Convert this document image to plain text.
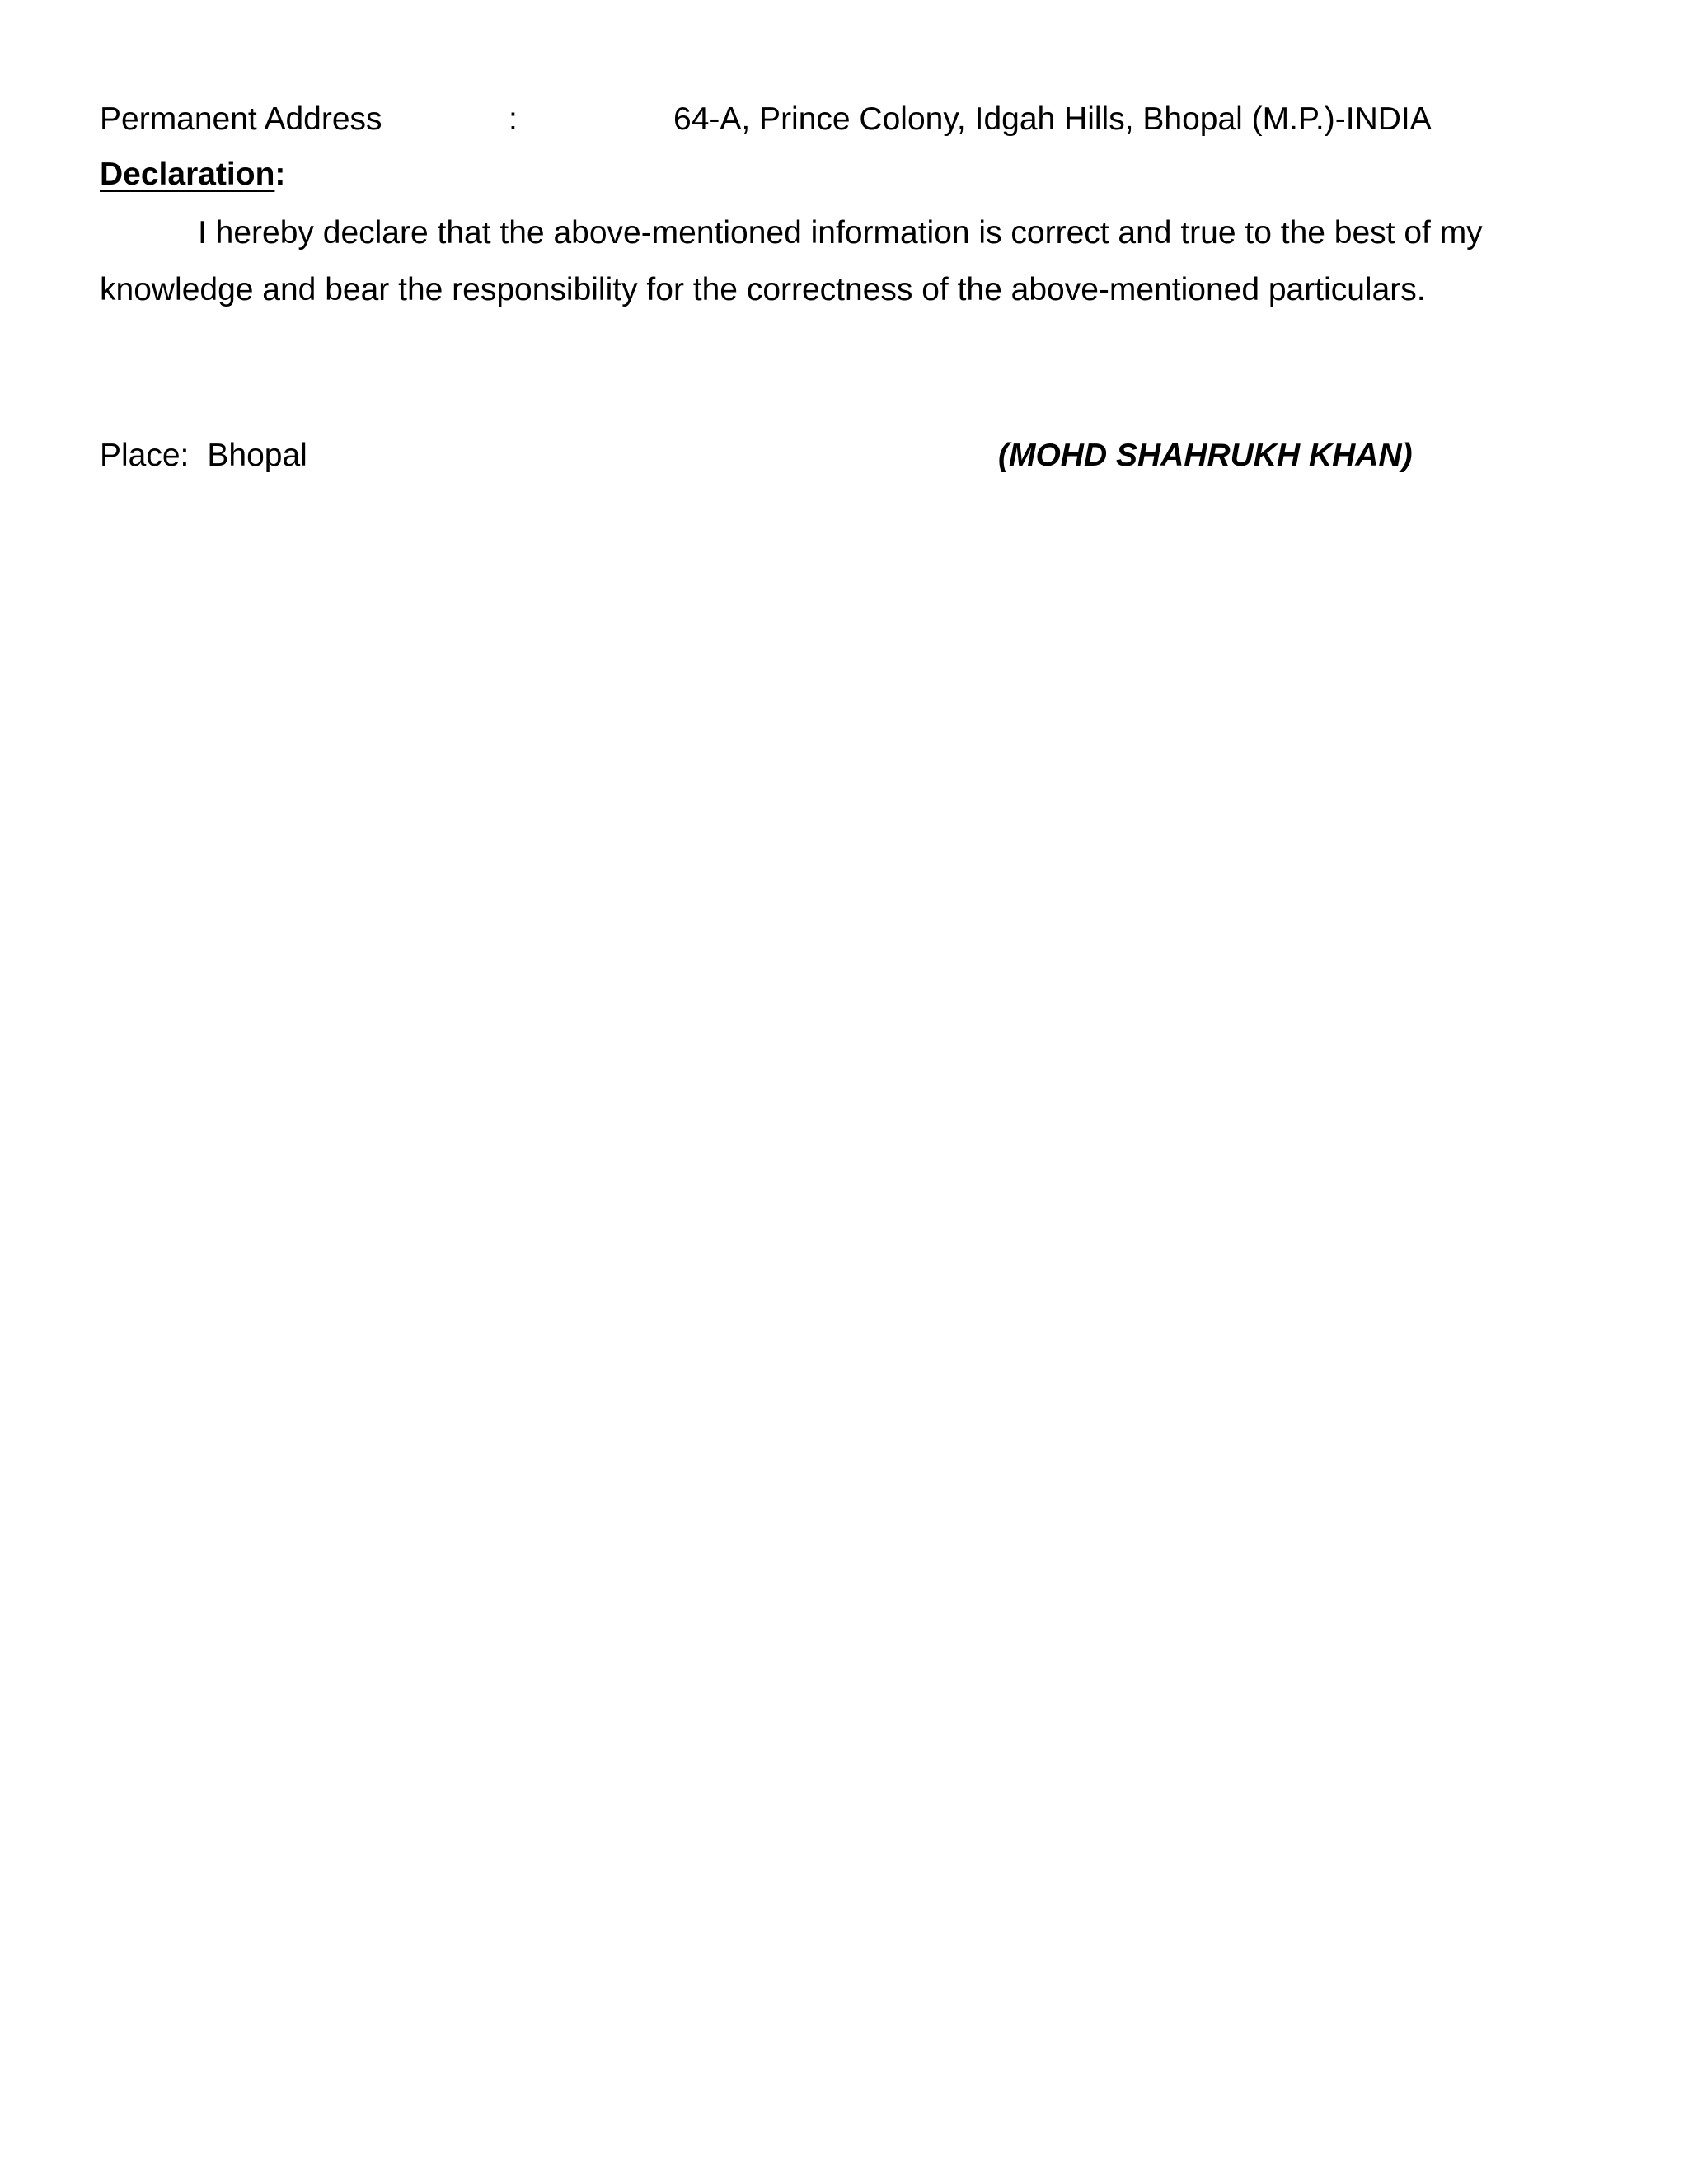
Permanent Address	:	64-A, Prince Colony, Idgah Hills, Bhopal (M.P.)-INDIA
Declaration:
I hereby declare that the above-mentioned information is correct and true to the best of my
knowledge and bear the responsibility for the correctness of the above-mentioned particulars.
Place: Bhopal	(MOHD SHAHRUKH KHAN)
